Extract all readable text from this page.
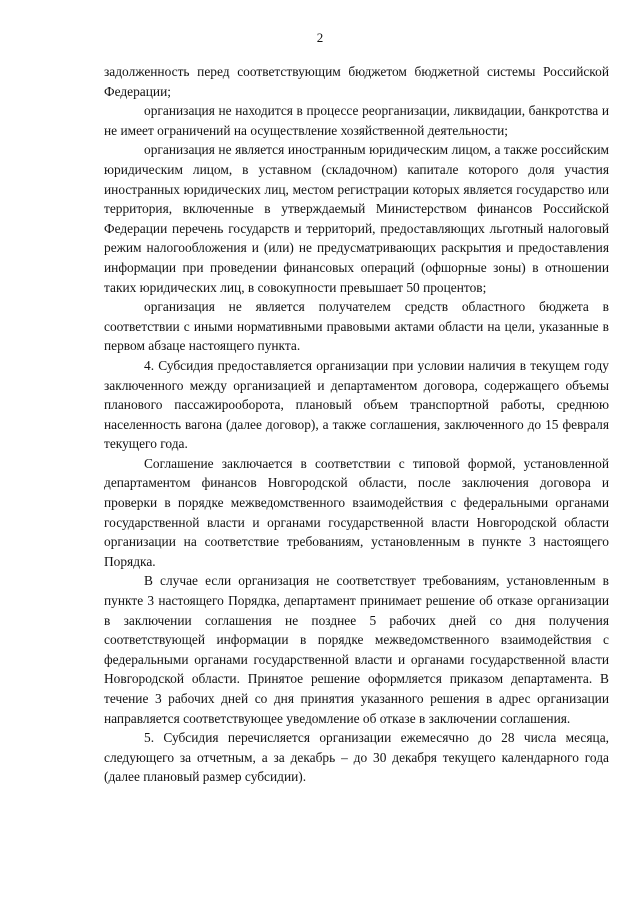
2

задолженность перед соответствующим бюджетом бюджетной системы Российской Федерации;

организация не находится в процессе реорганизации, ликвидации, банкротства и не имеет ограничений на осуществление хозяйственной деятельности;

организация не является иностранным юридическим лицом, а также российским юридическим лицом, в уставном (складочном) капитале которого доля участия иностранных юридических лиц, местом регистрации которых является государство или территория, включенные в утверждаемый Министерством финансов Российской Федерации перечень государств и территорий, предоставляющих льготный налоговый режим налогообложения и (или) не предусматривающих раскрытия и предоставления информации при проведении финансовых операций (офшорные зоны) в отношении таких юридических лиц, в совокупности превышает 50 процентов;

организация не является получателем средств областного бюджета в соответствии с иными нормативными правовыми актами области на цели, указанные в первом абзаце настоящего пункта.

4. Субсидия предоставляется организации при условии наличия в текущем году заключенного между организацией и департаментом договора, содержащего объемы планового пассажирооборота, плановый объем транспортной работы, среднюю населенность вагона (далее договор), а также соглашения, заключенного до 15 февраля текущего года.

Соглашение заключается в соответствии с типовой формой, установленной департаментом финансов Новгородской области, после заключения договора и проверки в порядке межведомственного взаимодействия с федеральными органами государственной власти и органами государственной власти Новгородской области организации на соответствие требованиям, установленным в пункте 3 настоящего Порядка.

В случае если организация не соответствует требованиям, установленным в пункте 3 настоящего Порядка, департамент принимает решение об отказе организации в заключении соглашения не позднее 5 рабочих дней со дня получения соответствующей информации в порядке межведомственного взаимодействия с федеральными органами государственной власти и органами государственной власти Новгородской области. Принятое решение оформляется приказом департамента. В течение 3 рабочих дней со дня принятия указанного решения в адрес организации направляется соответствующее уведомление об отказе в заключении соглашения.

5. Субсидия перечисляется организации ежемесячно до 28 числа месяца, следующего за отчетным, а за декабрь – до 30 декабря текущего календарного года (далее плановый размер субсидии).
